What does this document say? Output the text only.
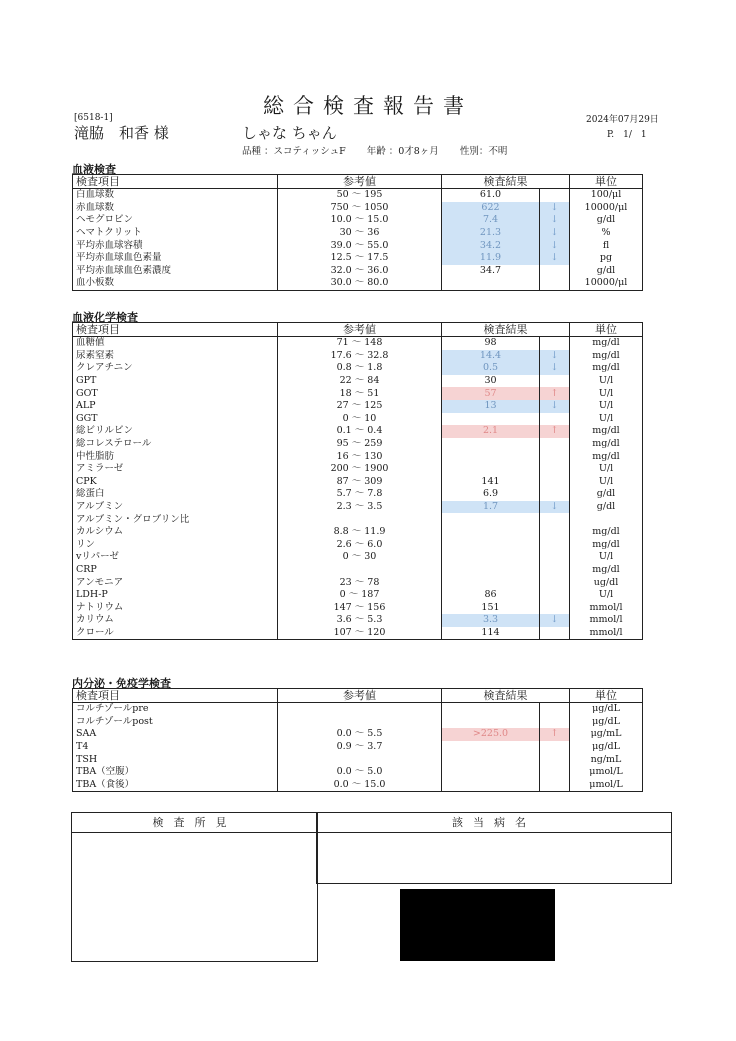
総合検査報告書
[6518-1]	2024年07月29日
滝脇　和香 様	しゃな ちゃん	P.　1/　1
品種 ：スコティッシュF 年齢 ：0才8ヶ月 性別：不明
血液検査
検査項目	参考値	検査結果		単位
白血球数	50 ～ 195	61.0		100/μl
赤血球数	750 ～ 1050	622	↓	10000/μl
ヘモグロビン	10.0 ～ 15.0	7.4	↓	g/dl
ヘマトクリット	30 ～ 36	21.3	↓	%
平均赤血球容積	39.0 ～ 55.0	34.2	↓	fl
平均赤血球血色素量	12.5 ～ 17.5	11.9	↓	pg
平均赤血球血色素濃度	32.0 ～ 36.0	34.7		g/dl
血小板数	30.0 ～ 80.0			10000/μl
血液化学検査
検査項目	参考値	検査結果		単位
血糖値	71 ～ 148	98		mg/dl
尿素窒素	17.6 ～ 32.8	14.4	↓	mg/dl
クレアチニン	0.8 ～ 1.8	0.5	↓	mg/dl
GPT	22 ～ 84	30		U/l
GOT	18 ～ 51	57	↑	U/l
ALP	27 ～ 125	13	↓	U/l
GGT	0 ～ 10			U/l
総ビリルビン	0.1 ～ 0.4	2.1	↑	mg/dl
総コレステロール	95 ～ 259			mg/dl
中性脂肪	16 ～ 130			mg/dl
アミラーゼ	200 ～ 1900			U/l
CPK	87 ～ 309	141		U/l
総蛋白	5.7 ～ 7.8	6.9		g/dl
アルブミン	2.3 ～ 3.5	1.7	↓	g/dl
アルブミン・グロブリン比				
カルシウム	8.8 ～ 11.9			mg/dl
リン	2.6 ～ 6.0			mg/dl
vリパーゼ	0 ～ 30			U/l
CRP				mg/dl
アンモニア	23 ～ 78			ug/dl
LDH-P	0 ～ 187	86		U/l
ナトリウム	147 ～ 156	151		mmol/l
カリウム	3.6 ～ 5.3	3.3	↓	mmol/l
クロール	107 ～ 120	114		mmol/l
内分泌・免疫学検査
検査項目	参考値	検査結果		単位
コルチゾールpre				μg/dL
コルチゾールpost				μg/dL
SAA	0.0 ～ 5.5	>225.0	↑	μg/mL
T4	0.9 ～ 3.7			μg/dL
TSH				ng/mL
TBA（空腹）	0.0 ～ 5.0			μmol/L
TBA（食後）	0.0 ～ 15.0			μmol/L
検査所見	該当病名
